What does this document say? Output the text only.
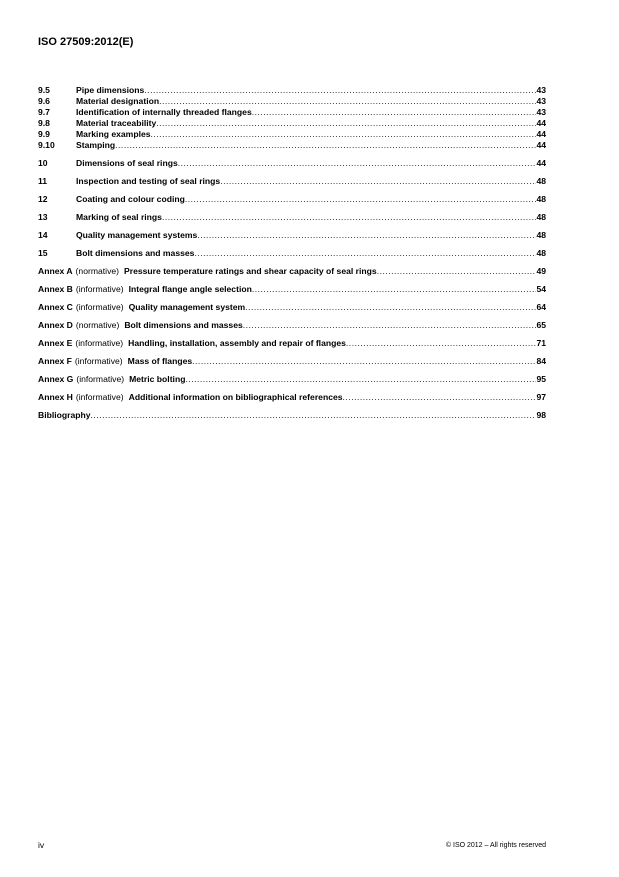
ISO 27509:2012(E)
9.5	Pipe dimensions .....	43
9.6	Material designation .....	43
9.7	Identification of internally threaded flanges .....	43
9.8	Material traceability .....	44
9.9	Marking examples .....	44
9.10	Stamping .....	44
10	Dimensions of seal rings .....	44
11	Inspection and testing of seal rings .....	48
12	Coating and colour coding .....	48
13	Marking of seal rings .....	48
14	Quality management systems .....	48
15	Bolt dimensions and masses .....	48
Annex A (normative) Pressure temperature ratings and shear capacity of seal rings .....	49
Annex B (informative) Integral flange angle selection .....	54
Annex C (informative) Quality management system .....	64
Annex D (normative) Bolt dimensions and masses .....	65
Annex E (informative) Handling, installation, assembly and repair of flanges .....	71
Annex F (informative) Mass of flanges .....	84
Annex G (informative) Metric bolting .....	95
Annex H (informative) Additional information on bibliographical references .....	97
Bibliography .....	98
iv	© ISO 2012 – All rights reserved
